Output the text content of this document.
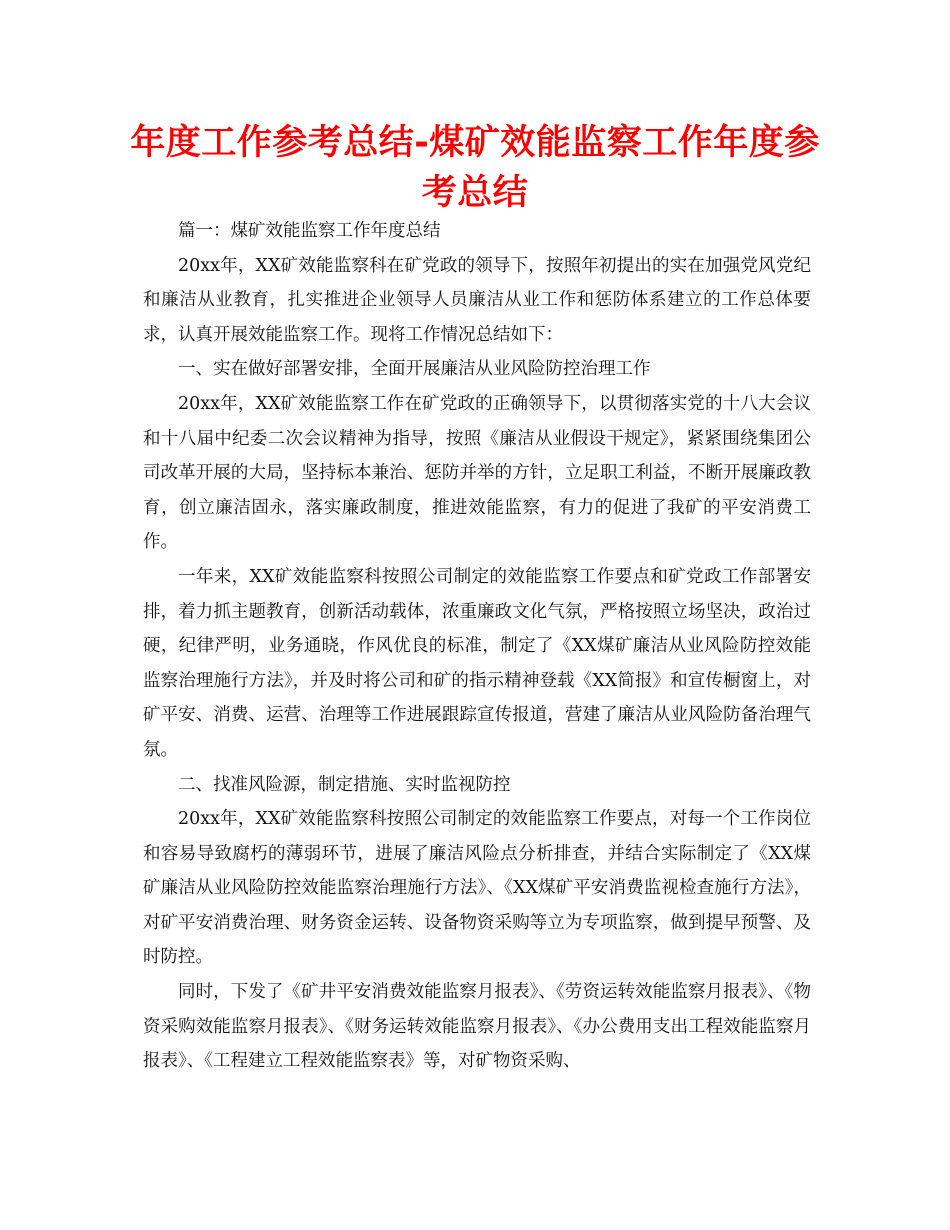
年度工作参考总结-煤矿效能监察工作年度参考总结

篇一：煤矿效能监察工作年度总结

20xx年，XX矿效能监察科在矿党政的领导下，按照年初提出的实在加强党风党纪和廉洁从业教育，扎实推进企业领导人员廉洁从业工作和惩防体系建立的工作总体要求，认真开展效能监察工作。现将工作情况总结如下：

一、实在做好部署安排，全面开展廉洁从业风险防控治理工作

20xx年，XX矿效能监察工作在矿党政的正确领导下，以贯彻落实党的十八大会议和十八届中纪委二次会议精神为指导，按照《廉洁从业假设干规定》，紧紧围绕集团公司改革开展的大局，坚持标本兼治、惩防并举的方针，立足职工利益，不断开展廉政教育，创立廉洁固永，落实廉政制度，推进效能监察，有力的促进了我矿的平安消费工作。

一年来，XX矿效能监察科按照公司制定的效能监察工作要点和矿党政工作部署安排，着力抓主题教育，创新活动载体，浓重廉政文化气氛，严格按照立场坚决，政治过硬，纪律严明，业务通晓，作风优良的标准，制定了《XX煤矿廉洁从业风险防控效能监察治理施行方法》，并及时将公司和矿的指示精神登载《XX简报》和宣传橱窗上，对矿平安、消费、运营、治理等工作进展跟踪宣传报道，营建了廉洁从业风险防备治理气氛。

二、找准风险源，制定措施、实时监视防控

20xx年，XX矿效能监察科按照公司制定的效能监察工作要点，对每一个工作岗位和容易导致腐朽的薄弱环节，进展了廉洁风险点分析排查，并结合实际制定了《XX煤矿廉洁从业风险防控效能监察治理施行方法》、《XX煤矿平安消费监视检查施行方法》，对矿平安消费治理、财务资金运转、设备物资采购等立为专项监察，做到提早预警、及时防控。

同时，下发了《矿井平安消费效能监察月报表》、《劳资运转效能监察月报表》、《物资采购效能监察月报表》、《财务运转效能监察月报表》、《办公费用支出工程效能监察月报表》、《工程建立工程效能监察表》等，对矿物资采购、
